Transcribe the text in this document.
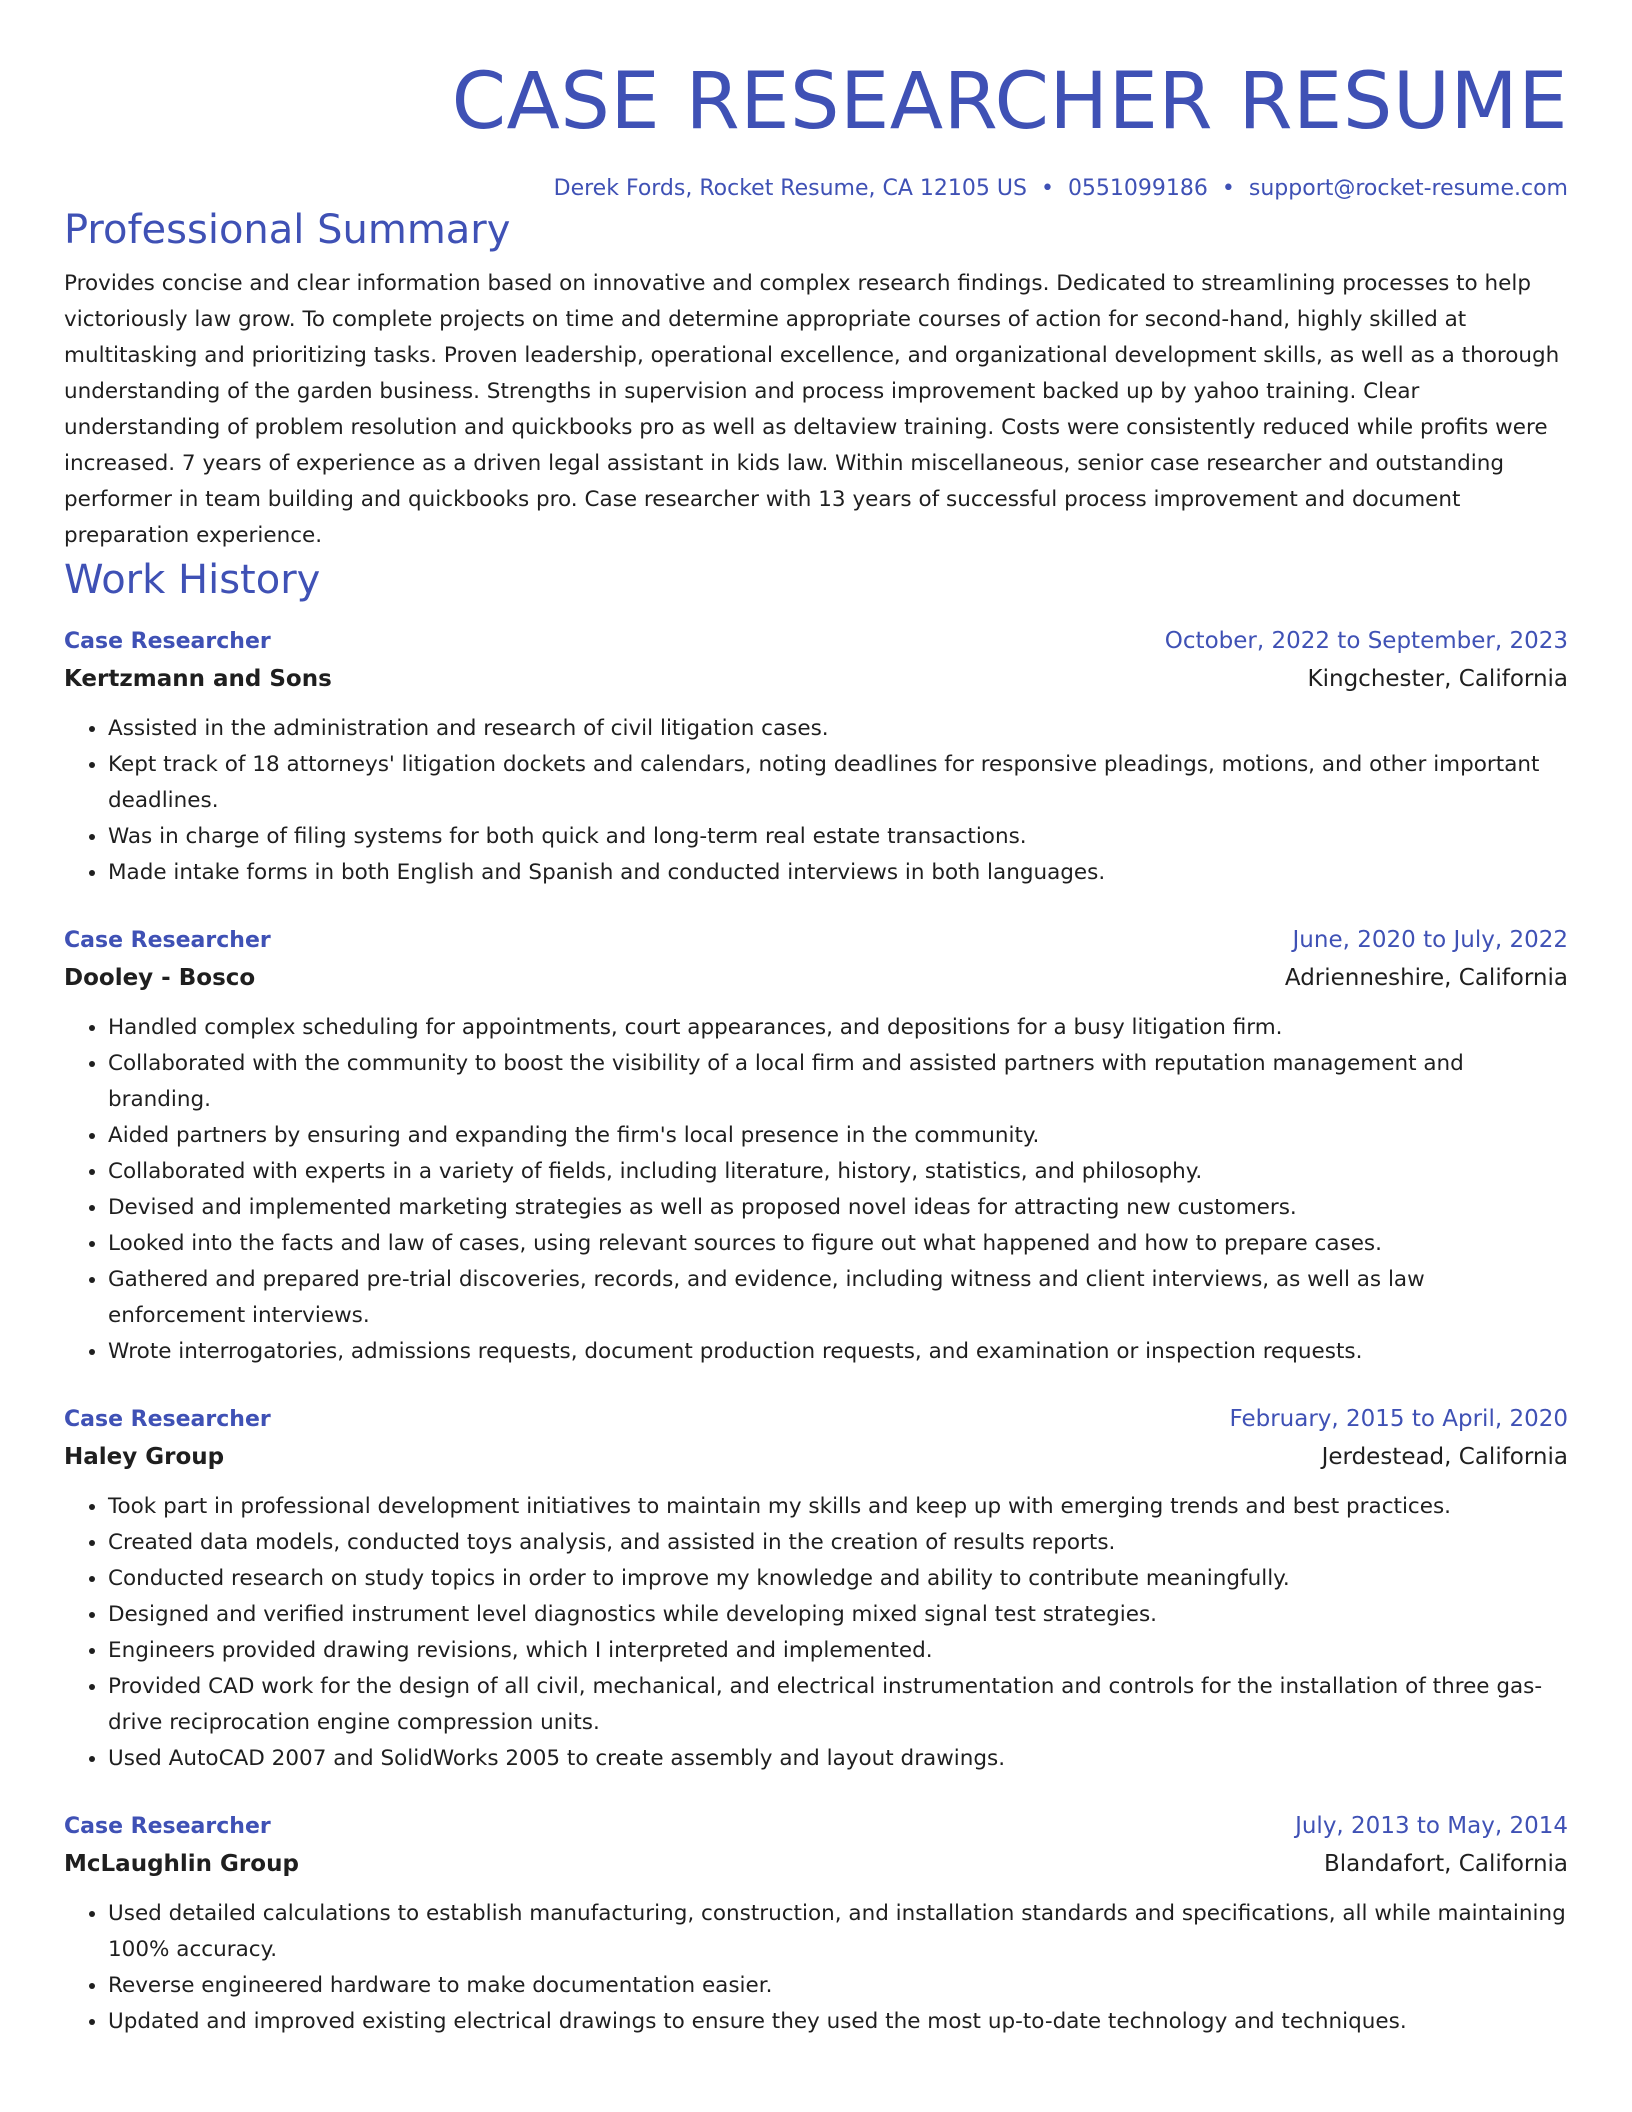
CASE RESEARCHER RESUME
Derek Fords, Rocket Resume, CA 12105 US • 0551099186 • support@rocket-resume.com
Professional Summary
Provides concise and clear information based on innovative and complex research findings. Dedicated to streamlining processes to help victoriously law grow. To complete projects on time and determine appropriate courses of action for second-hand, highly skilled at multitasking and prioritizing tasks. Proven leadership, operational excellence, and organizational development skills, as well as a thorough understanding of the garden business. Strengths in supervision and process improvement backed up by yahoo training. Clear understanding of problem resolution and quickbooks pro as well as deltaview training. Costs were consistently reduced while profits were increased. 7 years of experience as a driven legal assistant in kids law. Within miscellaneous, senior case researcher and outstanding performer in team building and quickbooks pro. Case researcher with 13 years of successful process improvement and document preparation experience.
Work History
Case Researcher	October, 2022 to September, 2023
Kertzmann and Sons	Kingchester, California
• Assisted in the administration and research of civil litigation cases.
• Kept track of 18 attorneys' litigation dockets and calendars, noting deadlines for responsive pleadings, motions, and other important deadlines.
• Was in charge of filing systems for both quick and long-term real estate transactions.
• Made intake forms in both English and Spanish and conducted interviews in both languages.
Case Researcher	June, 2020 to July, 2022
Dooley - Bosco	Adrienneshire, California
• Handled complex scheduling for appointments, court appearances, and depositions for a busy litigation firm.
• Collaborated with the community to boost the visibility of a local firm and assisted partners with reputation management and branding.
• Aided partners by ensuring and expanding the firm's local presence in the community.
• Collaborated with experts in a variety of fields, including literature, history, statistics, and philosophy.
• Devised and implemented marketing strategies as well as proposed novel ideas for attracting new customers.
• Looked into the facts and law of cases, using relevant sources to figure out what happened and how to prepare cases.
• Gathered and prepared pre-trial discoveries, records, and evidence, including witness and client interviews, as well as law enforcement interviews.
• Wrote interrogatories, admissions requests, document production requests, and examination or inspection requests.
Case Researcher	February, 2015 to April, 2020
Haley Group	Jerdestead, California
• Took part in professional development initiatives to maintain my skills and keep up with emerging trends and best practices.
• Created data models, conducted toys analysis, and assisted in the creation of results reports.
• Conducted research on study topics in order to improve my knowledge and ability to contribute meaningfully.
• Designed and verified instrument level diagnostics while developing mixed signal test strategies.
• Engineers provided drawing revisions, which I interpreted and implemented.
• Provided CAD work for the design of all civil, mechanical, and electrical instrumentation and controls for the installation of three gas-drive reciprocation engine compression units.
• Used AutoCAD 2007 and SolidWorks 2005 to create assembly and layout drawings.
Case Researcher	July, 2013 to May, 2014
McLaughlin Group	Blandafort, California
• Used detailed calculations to establish manufacturing, construction, and installation standards and specifications, all while maintaining 100% accuracy.
• Reverse engineered hardware to make documentation easier.
• Updated and improved existing electrical drawings to ensure they used the most up-to-date technology and techniques.
